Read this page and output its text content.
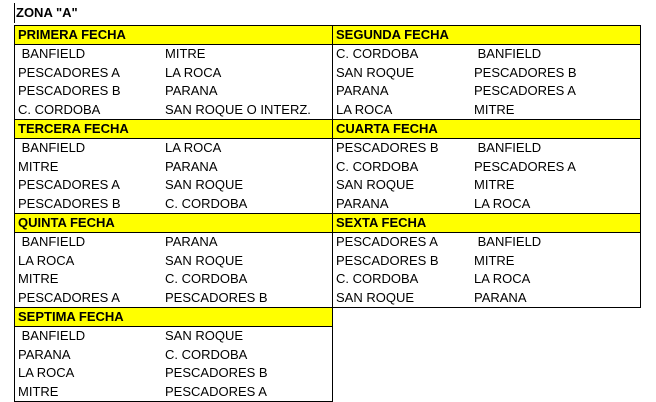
ZONA "A"
PRIMERA FECHA
BANFIELD	MITRE
PESCADORES A	LA ROCA
PESCADORES B	PARANA
C. CORDOBA	SAN ROQUE O INTERZ.
SEGUNDA FECHA
C. CORDOBA	BANFIELD
SAN ROQUE	PESCADORES B
PARANA	PESCADORES A
LA ROCA	MITRE
TERCERA FECHA
BANFIELD	LA ROCA
MITRE	PARANA
PESCADORES A	SAN ROQUE
PESCADORES B	C. CORDOBA
CUARTA FECHA
PESCADORES B	BANFIELD
C. CORDOBA	PESCADORES A
SAN ROQUE	MITRE
PARANA	LA ROCA
QUINTA FECHA
BANFIELD	PARANA
LA ROCA	SAN ROQUE
MITRE	C. CORDOBA
PESCADORES A	PESCADORES B
SEXTA FECHA
PESCADORES A	BANFIELD
PESCADORES B	MITRE
C. CORDOBA	LA ROCA
SAN ROQUE	PARANA
SEPTIMA FECHA
BANFIELD	SAN ROQUE
PARANA	C. CORDOBA
LA ROCA	PESCADORES B
MITRE	PESCADORES A
